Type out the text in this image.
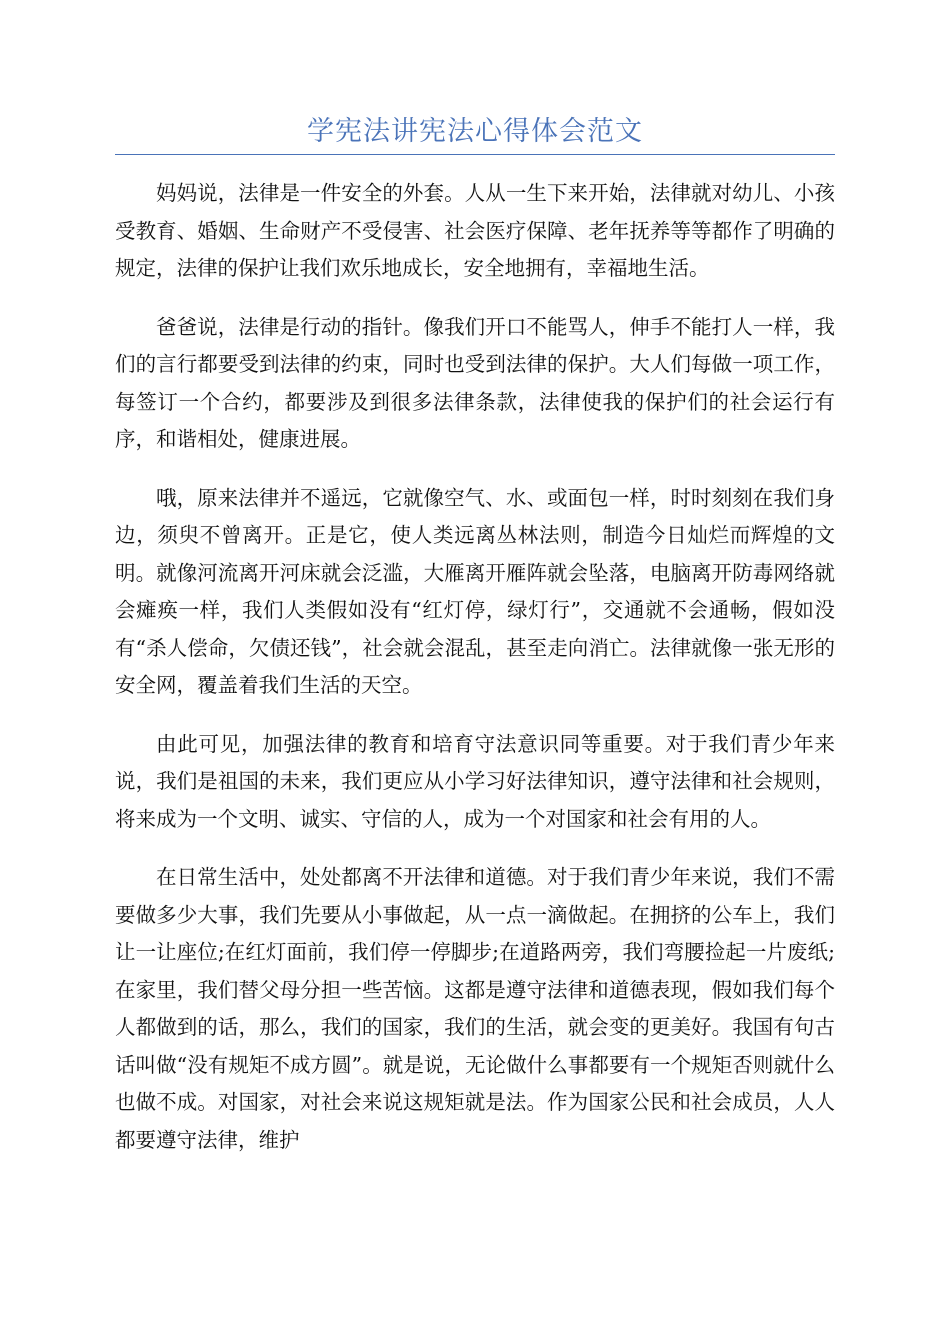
学宪法讲宪法心得体会范文

妈妈说，法律是一件安全的外套。人从一生下来开始，法律就对幼儿、小孩受教育、婚姻、生命财产不受侵害、社会医疗保障、老年抚养等等都作了明确的规定，法律的保护让我们欢乐地成长，安全地拥有，幸福地生活。

爸爸说，法律是行动的指针。像我们开口不能骂人，伸手不能打人一样，我们的言行都要受到法律的约束，同时也受到法律的保护。大人们每做一项工作，每签订一个合约，都要涉及到很多法律条款，法律使我的保护们的社会运行有序，和谐相处，健康进展。

哦，原来法律并不遥远，它就像空气、水、或面包一样，时时刻刻在我们身边，须臾不曾离开。正是它，使人类远离丛林法则，制造今日灿烂而辉煌的文明。就像河流离开河床就会泛滥，大雁离开雁阵就会坠落，电脑离开防毒网络就会瘫痪一样，我们人类假如没有“红灯停，绿灯行”，交通就不会通畅，假如没有“杀人偿命，欠债还钱”，社会就会混乱，甚至走向消亡。法律就像一张无形的安全网，覆盖着我们生活的天空。

由此可见，加强法律的教育和培育守法意识同等重要。对于我们青少年来说，我们是祖国的未来，我们更应从小学习好法律知识，遵守法律和社会规则，将来成为一个文明、诚实、守信的人，成为一个对国家和社会有用的人。

在日常生活中，处处都离不开法律和道德。对于我们青少年来说，我们不需要做多少大事，我们先要从小事做起，从一点一滴做起。在拥挤的公车上，我们让一让座位;在红灯面前，我们停一停脚步;在道路两旁，我们弯腰捡起一片废纸;在家里，我们替父母分担一些苦恼。这都是遵守法律和道德表现，假如我们每个人都做到的话，那么，我们的国家，我们的生活，就会变的更美好。我国有句古话叫做“没有规矩不成方圆”。就是说，无论做什么事都要有一个规矩否则就什么也做不成。对国家，对社会来说这规矩就是法。作为国家公民和社会成员，人人都要遵守法律，维护
